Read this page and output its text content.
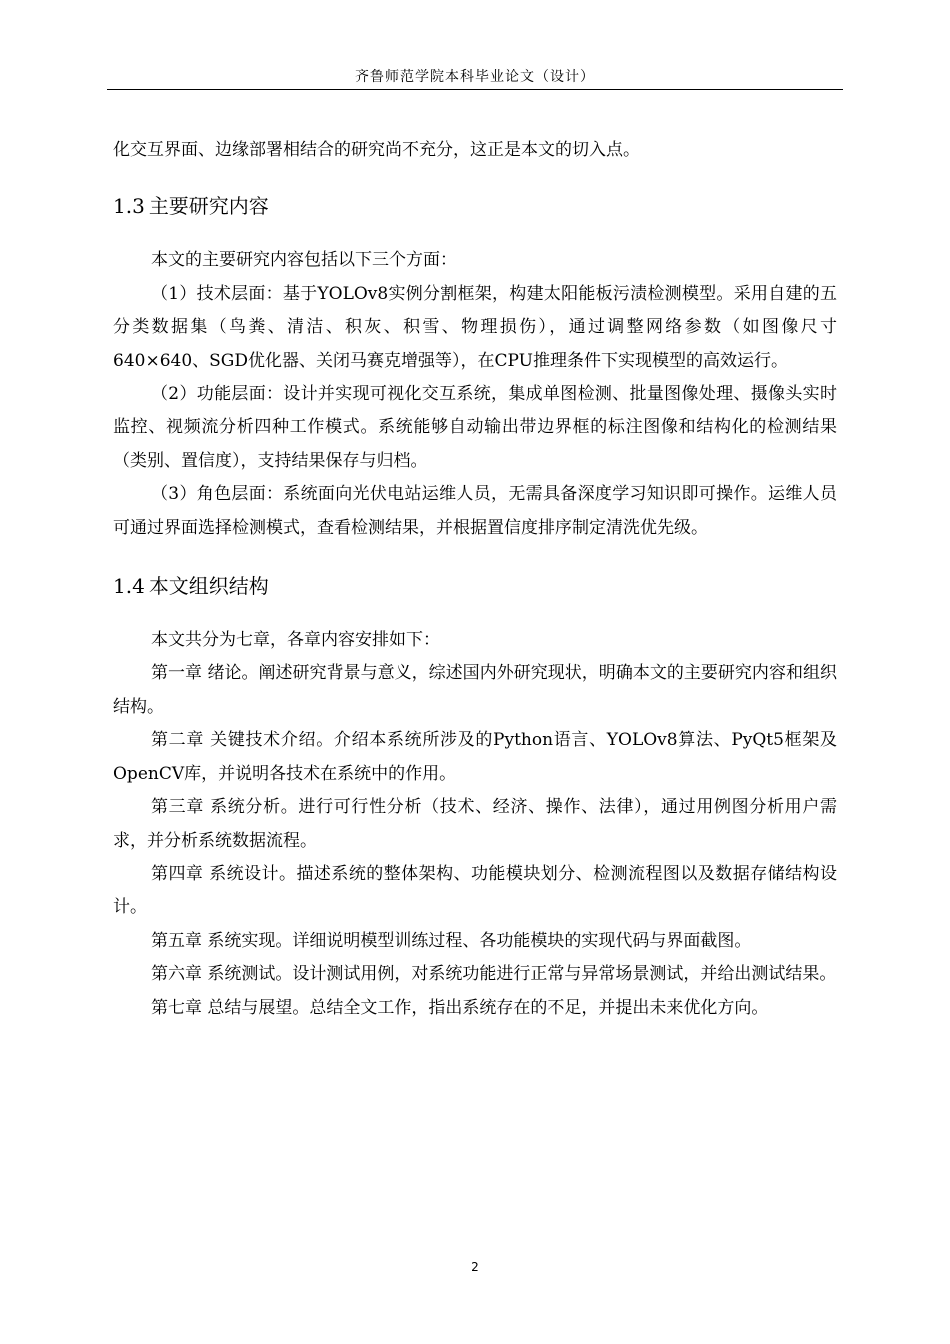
齐鲁师范学院本科毕业论文（设计）

化交互界面、边缘部署相结合的研究尚不充分，这正是本文的切入点。

1.3 主要研究内容

本文的主要研究内容包括以下三个方面：

（1）技术层面：基于YOLOv8实例分割框架，构建太阳能板污渍检测模型。采用自建的五分类数据集（鸟粪、清洁、积灰、积雪、物理损伤），通过调整网络参数（如图像尺寸640×640、SGD优化器、关闭马赛克增强等），在CPU推理条件下实现模型的高效运行。

（2）功能层面：设计并实现可视化交互系统，集成单图检测、批量图像处理、摄像头实时监控、视频流分析四种工作模式。系统能够自动输出带边界框的标注图像和结构化的检测结果（类别、置信度），支持结果保存与归档。

（3）角色层面：系统面向光伏电站运维人员，无需具备深度学习知识即可操作。运维人员可通过界面选择检测模式，查看检测结果，并根据置信度排序制定清洗优先级。

1.4 本文组织结构

本文共分为七章，各章内容安排如下：

第一章 绪论。阐述研究背景与意义，综述国内外研究现状，明确本文的主要研究内容和组织结构。

第二章 关键技术介绍。介绍本系统所涉及的Python语言、YOLOv8算法、PyQt5框架及OpenCV库，并说明各技术在系统中的作用。

第三章 系统分析。进行可行性分析（技术、经济、操作、法律），通过用例图分析用户需求，并分析系统数据流程。

第四章 系统设计。描述系统的整体架构、功能模块划分、检测流程图以及数据存储结构设计。

第五章 系统实现。详细说明模型训练过程、各功能模块的实现代码与界面截图。

第六章 系统测试。设计测试用例，对系统功能进行正常与异常场景测试，并给出测试结果。

第七章 总结与展望。总结全文工作，指出系统存在的不足，并提出未来优化方向。

2
